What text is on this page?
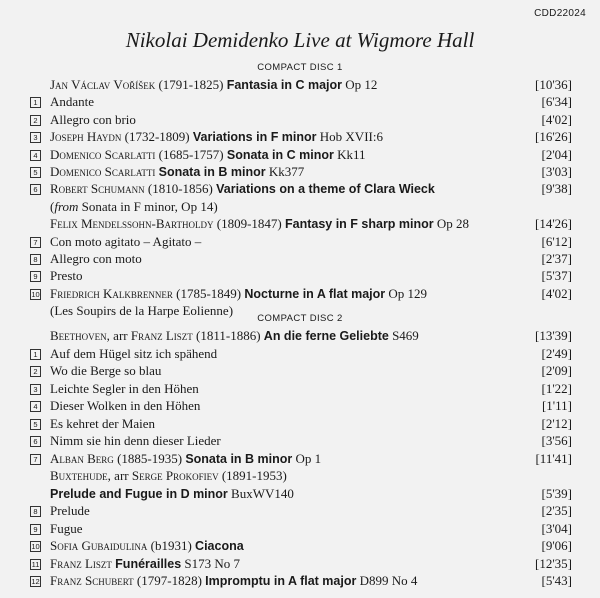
CDD22024
Nikolai Demidenko Live at Wigmore Hall
COMPACT DISC 1
Jan Václav Voříšek (1791-1825) Fantasia in C major Op 12	[10'36]
1 Andante	[6'34]
2 Allegro con brio	[4'02]
3 Joseph Haydn (1732-1809) Variations in F minor Hob XVII:6	[16'26]
4 Domenico Scarlatti (1685-1757) Sonata in C minor Kk11	[2'04]
5 Domenico Scarlatti Sonata in B minor Kk377	[3'03]
6 Robert Schumann (1810-1856) Variations on a theme of Clara Wieck	[9'38]
(from Sonata in F minor, Op 14)
Felix Mendelssohn-Bartholdy (1809-1847) Fantasy in F sharp minor Op 28	[14'26]
7 Con moto agitato – Agitato –	[6'12]
8 Allegro con moto	[2'37]
9 Presto	[5'37]
10 Friedrich Kalkbrenner (1785-1849) Nocturne in A flat major Op 129	[4'02]
(Les Soupirs de la Harpe Eolienne)
COMPACT DISC 2
Beethoven, arr Franz Liszt (1811-1886) An die ferne Geliebte S469	[13'39]
1 Auf dem Hügel sitz ich spähend	[2'49]
2 Wo die Berge so blau	[2'09]
3 Leichte Segler in den Höhen	[1'22]
4 Dieser Wolken in den Höhen	[1'11]
5 Es kehret der Maien	[2'12]
6 Nimm sie hin denn dieser Lieder	[3'56]
7 Alban Berg (1885-1935) Sonata in B minor Op 1	[11'41]
Buxtehude, arr Serge Prokofiev (1891-1953)
Prelude and Fugue in D minor BuxWV140	[5'39]
8 Prelude	[2'35]
9 Fugue	[3'04]
10 Sofia Gubaidulina (b1931) Ciacona	[9'06]
11 Franz Liszt Funérailles S173 No 7	[12'35]
12 Franz Schubert (1797-1828) Impromptu in A flat major D899 No 4	[5'43]
